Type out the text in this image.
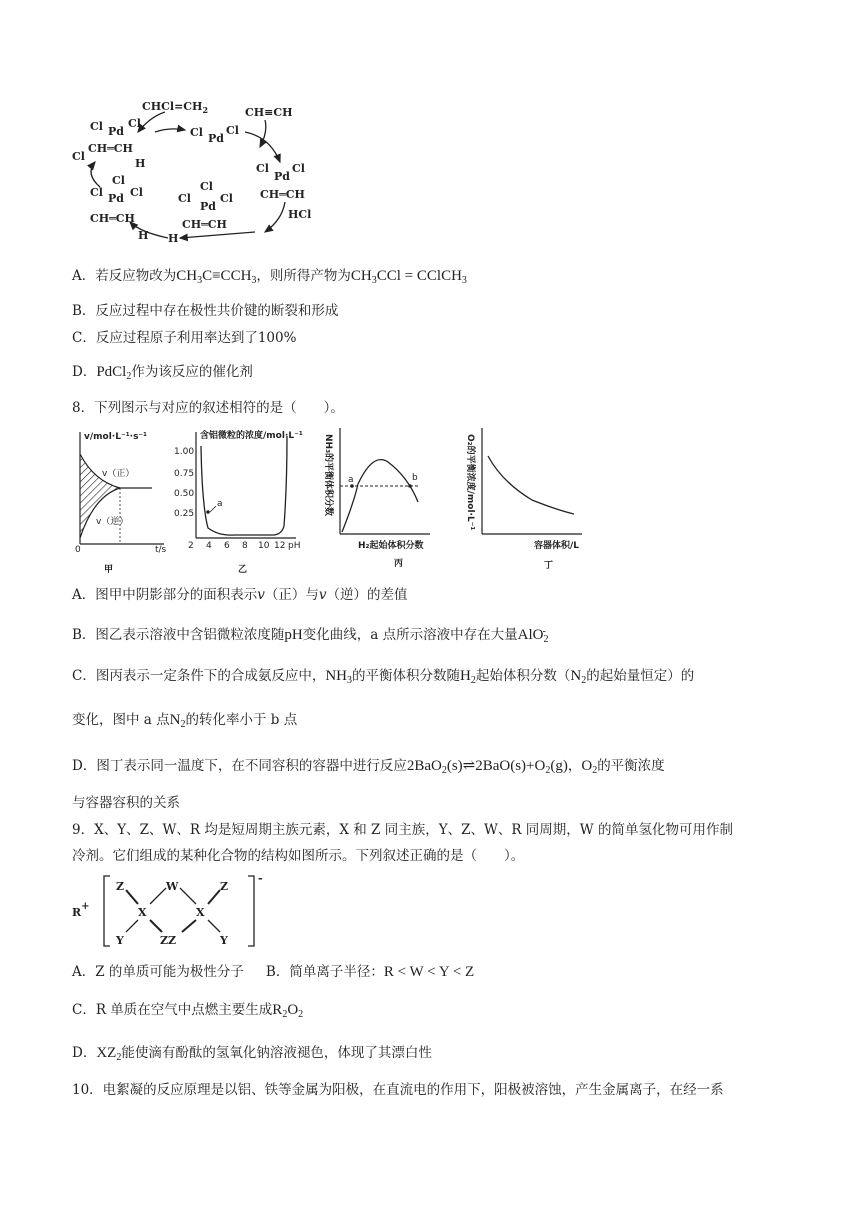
Cl Pd
Cl
Cl
CH═CH
H
$CHCl=CH_2$
Cl Pd
Cl
CH≡CH
Cl
Pd
Cl
CH═CH
HCl
Cl
Cl
Pd
Cl
CH═CH
H
Cl Pd
Cl
Cl
CH═CH
H
A．若反应物改为$CH_3C\equiv CCH_3$，则所得产物为$CH_3CCl$ = CClCH$_3$
B．反应过程中存在极性共价键的断裂和形成
C．反应过程原子利用率达到了100%
D．PdCl$_2$作为该反应的催化剂
8．下列图示与对应的叙述相符的是（　　）。
v/mol·L⁻¹·s⁻¹
v（正）
v（逆）
0	t/s
甲
含铝微粒的浓度/mol·L⁻¹
1.00
0.75
0.50
0.25
2 4 6 8 10 12 pH
a
乙
NH₃的平衡体积分数 a	b
H₂起始体积分数
丙
O₂的平衡浓度/mol·L⁻¹
容器体积/L
丁
A．图甲中阴影部分的面积表示v（正）与v（逆）的差值
B．图乙表示溶液中含铝微粒浓度随pH变化曲线，a 点所示溶液中存在大量AlO$_2$-
C．图丙表示一定条件下的合成氨反应中，$NH_3$的平衡体积分数随$H_2$起始体积分数（$N_2$的起始量恒定）的
变化，图中 a 点$N_2$的转化率小于 b 点
D．图丁表示同一温度下，在不同容积的容器中进行反应$2BaO_2(s)\rightleftharpoons 2BaO(s)+O_2(g)$，$O_2$的平衡浓度
与容器容积的关系
9．X、Y、Z、W、R 均是短周期主族元素，X 和 Z 同主族，Y、Z、W、R 同周期，W 的简单氢化物可用作制
冷剂。它们组成的某种化合物的结构如图所示。下列叙述正确的是（　　）。
R+
-
Z	W	Z
X	X
Y	ZZ	Y
A．Z 的单质可能为极性分子 B．简单离子半径：R < W < Y < Z
C．R 单质在空气中点燃主要生成$R_2O_2$
D．$XZ_2$能使滴有酚酞的氢氧化钠溶液褪色，体现了其漂白性
10．电絮凝的反应原理是以铝、铁等金属为阳极，在直流电的作用下，阳极被溶蚀，产生金属离子，在经一系
